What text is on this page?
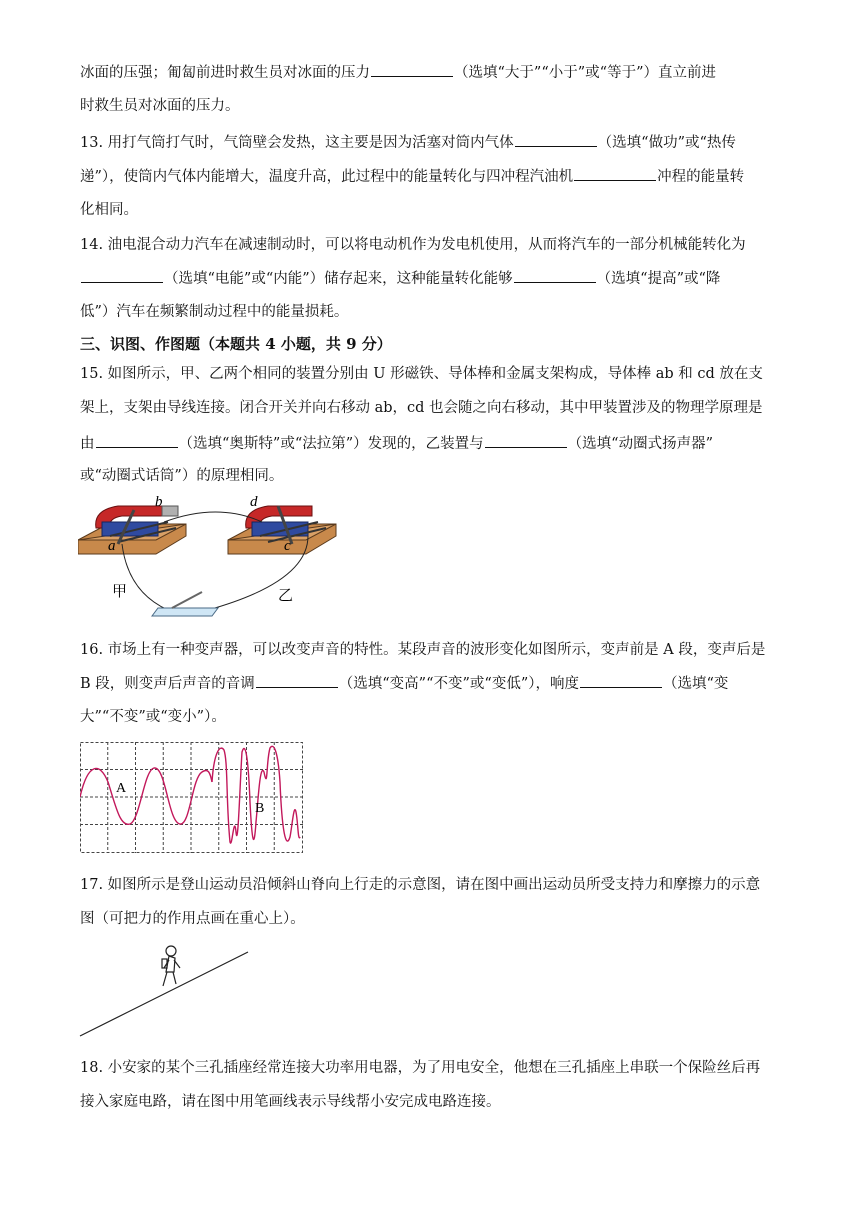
冰面的压强；匍匐前进时救生员对冰面的压力	（选填“大于”“小于”或“等于”）直立前进
时救生员对冰面的压力。
13. 用打气筒打气时，气筒壁会发热，这主要是因为活塞对筒内气体	（选填“做功”或“热传
递”），使筒内气体内能增大，温度升高，此过程中的能量转化与四冲程汽油机	冲程的能量转
化相同。
14. 油电混合动力汽车在减速制动时，可以将电动机作为发电机使用，从而将汽车的一部分机械能转化为
（选填“电能”或“内能”）储存起来，这种能量转化能够	（选填“提高”或“降
低”）汽车在频繁制动过程中的能量损耗。
三、识图、作图题（本题共 4 小题，共 9 分）
15. 如图所示，甲、乙两个相同的装置分别由 U 形磁铁、导体棒和金属支架构成，导体棒 ab 和 cd 放在支
架上，支架由导线连接。闭合开关并向右移动 ab，cd 也会随之向右移动，其中甲装置涉及的物理学原理是
由	（选填“奥斯特”或“法拉第”）发现的，乙装置与	（选填“动圈式扬声器”
或“动圈式话筒”）的原理相同。
b
a
d
c
甲	乙
16. 市场上有一种变声器，可以改变声音的特性。某段声音的波形变化如图所示，变声前是 A 段，变声后是
B 段，则变声后声音的音调	（选填“变高”“不变”或“变低”），响度	（选填“变
大”“不变”或“变小”）。
A
B
17. 如图所示是登山运动员沿倾斜山脊向上行走的示意图，请在图中画出运动员所受支持力和摩擦力的示意
图（可把力的作用点画在重心上）。
18. 小安家的某个三孔插座经常连接大功率用电器，为了用电安全，他想在三孔插座上串联一个保险丝后再
接入家庭电路，请在图中用笔画线表示导线帮小安完成电路连接。
